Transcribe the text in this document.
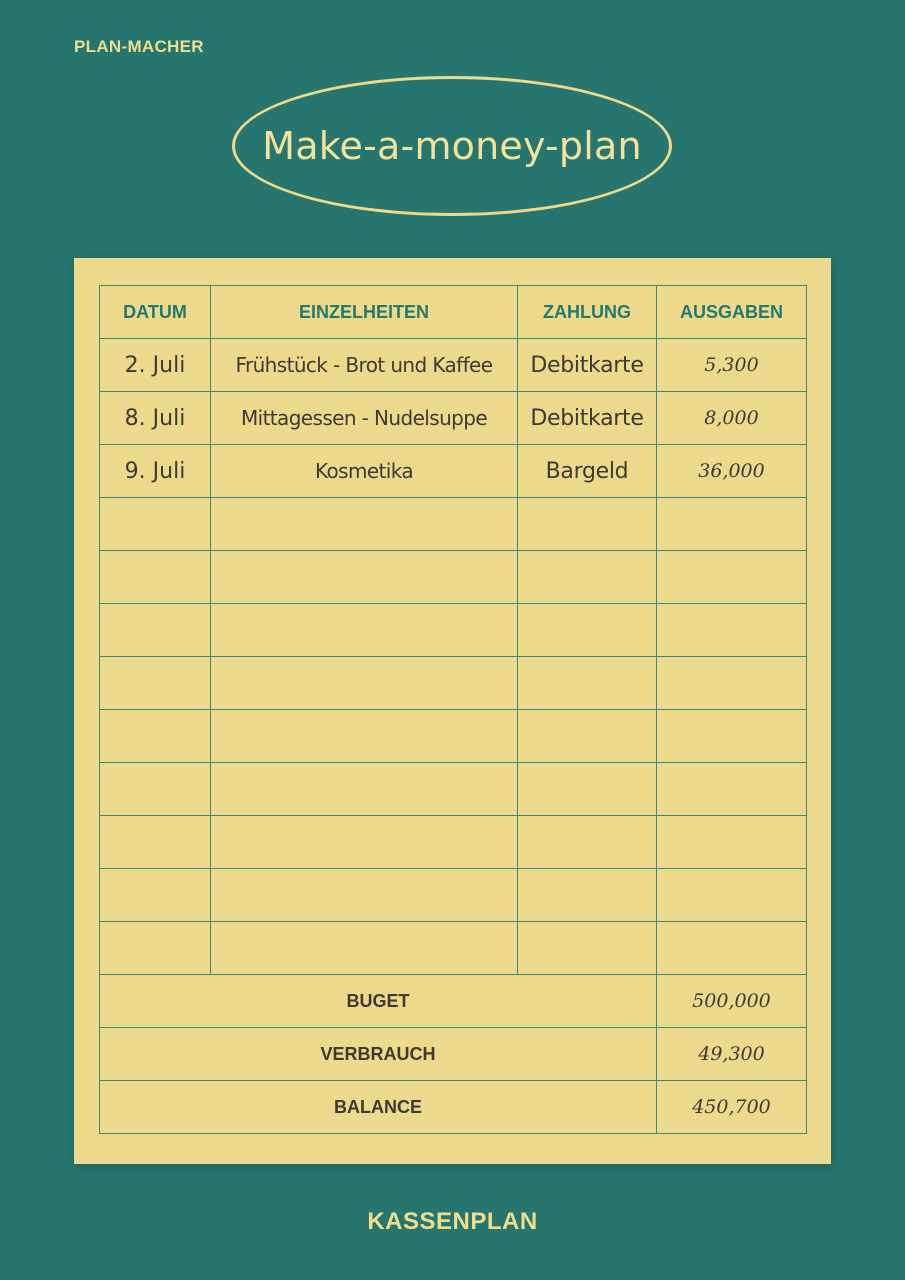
PLAN-MACHER
Make-a-money-plan
DATUM	EINZELHEITEN	ZAHLUNG	AUSGABEN
2. Juli	Frühstück - Brot und Kaffee	Debitkarte	5,300
8. Juli	Mittagessen - Nudelsuppe	Debitkarte	8,000
9. Juli	Kosmetika	Bargeld	36,000

BUGET			500,000
VERBRAUCH			49,300
BALANCE			450,700
KASSENPLAN
